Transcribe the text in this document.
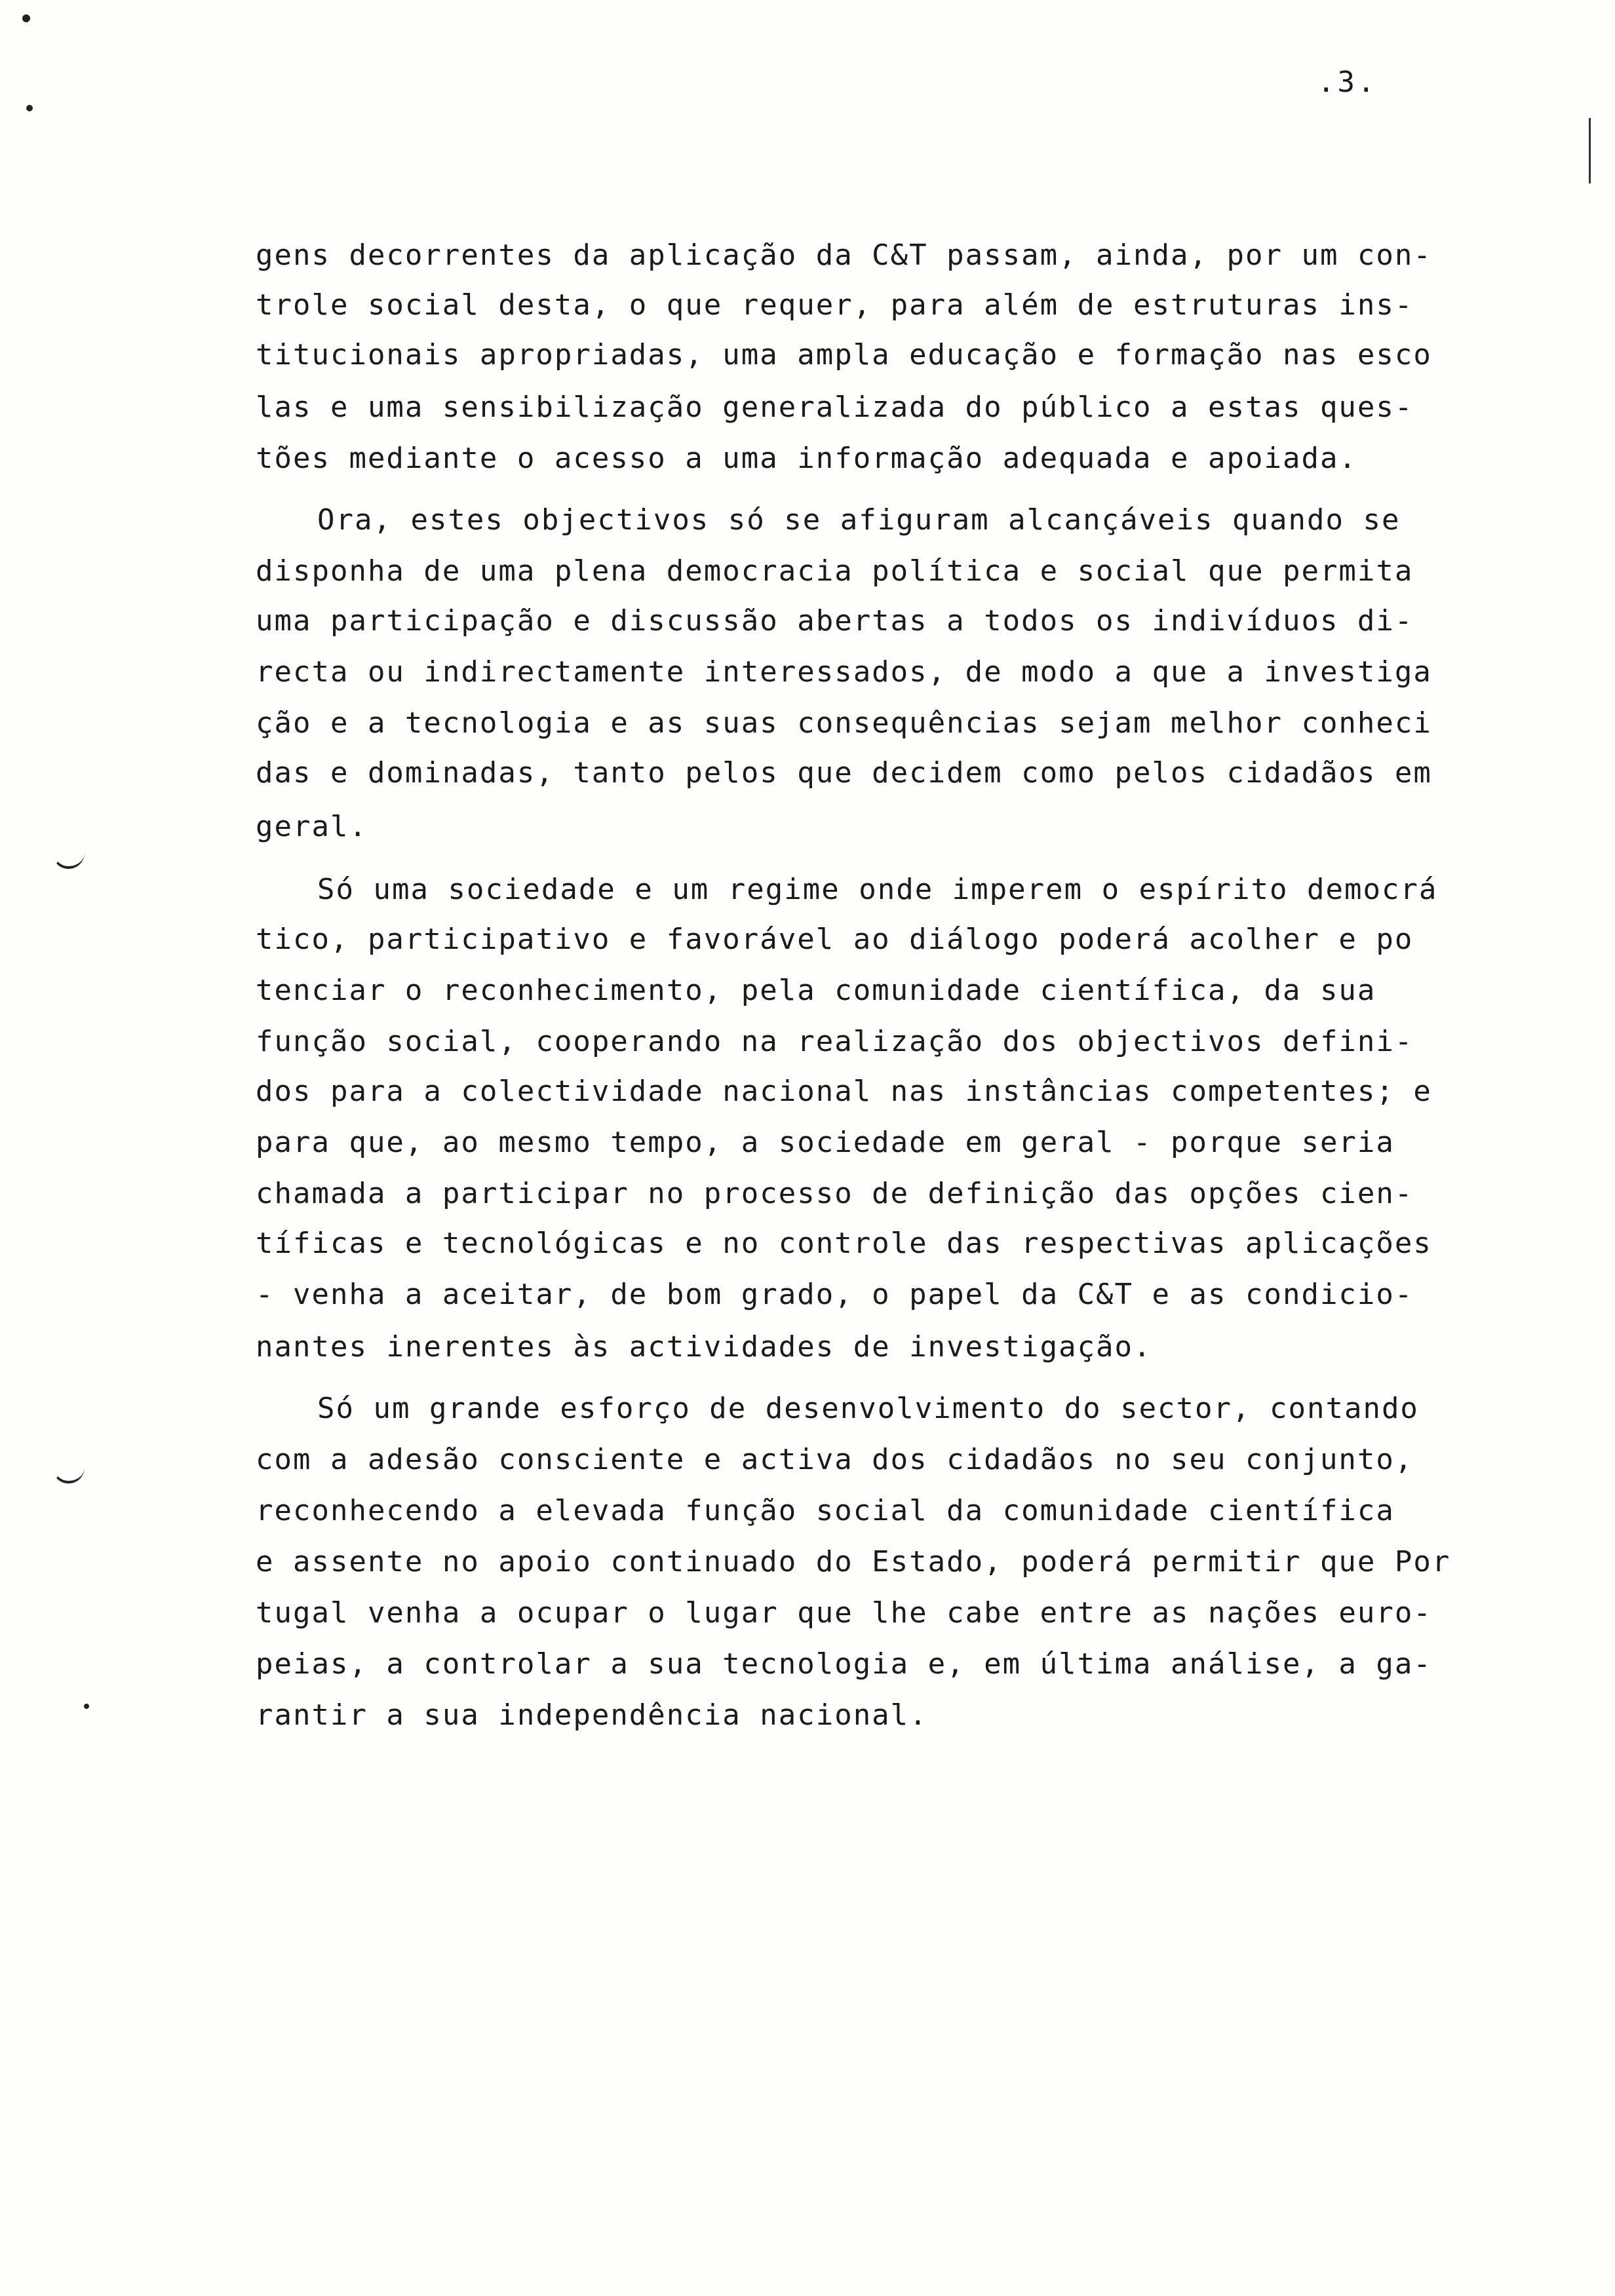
.3.
gens decorrentes da aplicação da C&T passam, ainda, por um con-
trole social desta, o que requer, para além de estruturas ins-
titucionais apropriadas, uma ampla educação e formação nas esco
las e uma sensibilização generalizada do público a estas ques-
tões mediante o acesso a uma informação adequada e apoiada.
Ora, estes objectivos só se afiguram alcançáveis quando se
disponha de uma plena democracia política e social que permita
uma participação e discussão abertas a todos os indivíduos di-
recta ou indirectamente interessados, de modo a que a investiga
ção e a tecnologia e as suas consequências sejam melhor conheci
das e dominadas, tanto pelos que decidem como pelos cidadãos em
geral.
Só uma sociedade e um regime onde imperem o espírito democrá
tico, participativo e favorável ao diálogo poderá acolher e po
tenciar o reconhecimento, pela comunidade científica, da sua
função social, cooperando na realização dos objectivos defini-
dos para a colectividade nacional nas instâncias competentes; e
para que, ao mesmo tempo, a sociedade em geral - porque seria
chamada a participar no processo de definição das opções cien-
tíficas e tecnológicas e no controle das respectivas aplicações
- venha a aceitar, de bom grado, o papel da C&T e as condicio-
nantes inerentes às actividades de investigação.
Só um grande esforço de desenvolvimento do sector, contando
com a adesão consciente e activa dos cidadãos no seu conjunto,
reconhecendo a elevada função social da comunidade científica
e assente no apoio continuado do Estado, poderá permitir que Por
tugal venha a ocupar o lugar que lhe cabe entre as nações euro-
peias, a controlar a sua tecnologia e, em última análise, a ga-
rantir a sua independência nacional.
